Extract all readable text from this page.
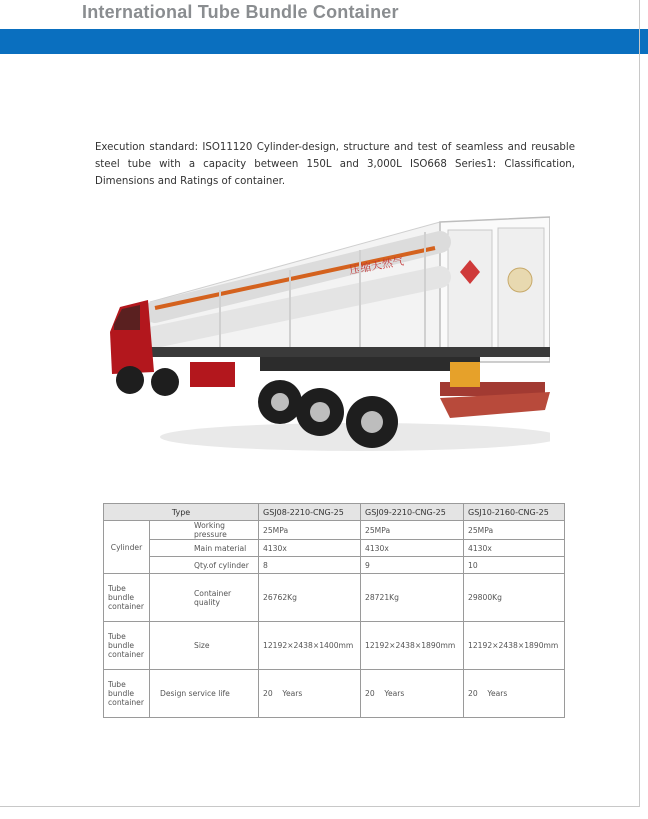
International Tube Bundle Container
Execution standard: ISO11120 Cylinder-design, structure and test of seamless and reusable steel tube with a capacity between 150L and 3,000L ISO668 Series1: Classification, Dimensions and Ratings of container.
压缩天然气
Type		GSJ08-2210-CNG-25	GSJ09-2210-CNG-25	GSJ10-2160-CNG-25
Cylinder	Working pressure	25MPa	25MPa	25MPa
	Main material	4130x	4130x	4130x
	Qty.of cylinder	8	9	10
Tube
bundle
container	Container quality	26762Kg	28721Kg	29800Kg
Tube
bundle
container	Size	12192×2438×1400mm	12192×2438×1890mm	12192×2438×1890mm
Tube
bundle
container	Design service life	20    Years	20    Years	20    Years
